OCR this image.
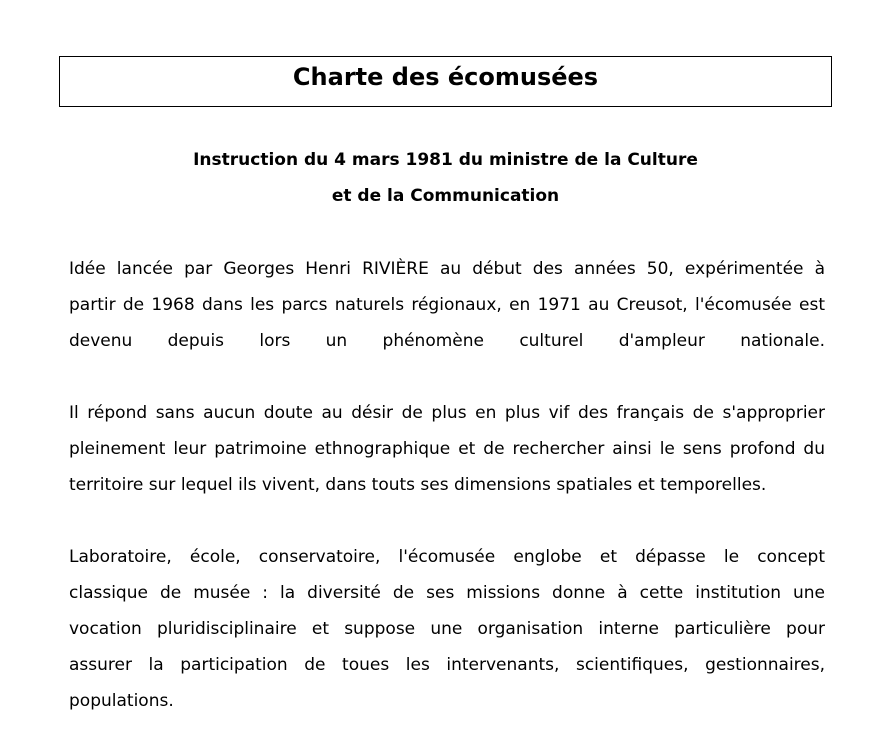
Charte des écomusées
Instruction du 4 mars 1981 du ministre de la Culture
et de la Communication

Idée lancée par Georges Henri RIVIÈRE au début des années 50, expérimentée à
partir de 1968 dans les parcs naturels régionaux, en 1971 au Creusot, l'écomusée est
devenu depuis lors un phénomène culturel d'ampleur nationale.

Il répond sans aucun doute au désir de plus en plus vif des français de s'approprier
pleinement leur patrimoine ethnographique et de rechercher ainsi le sens profond du
territoire sur lequel ils vivent, dans touts ses dimensions spatiales et temporelles.

Laboratoire, école, conservatoire, l'écomusée englobe et dépasse le concept
classique de musée : la diversité de ses missions donne à cette institution une
vocation pluridisciplinaire et suppose une organisation interne particulière pour
assurer la participation de toues les intervenants, scientifiques, gestionnaires,
populations.
